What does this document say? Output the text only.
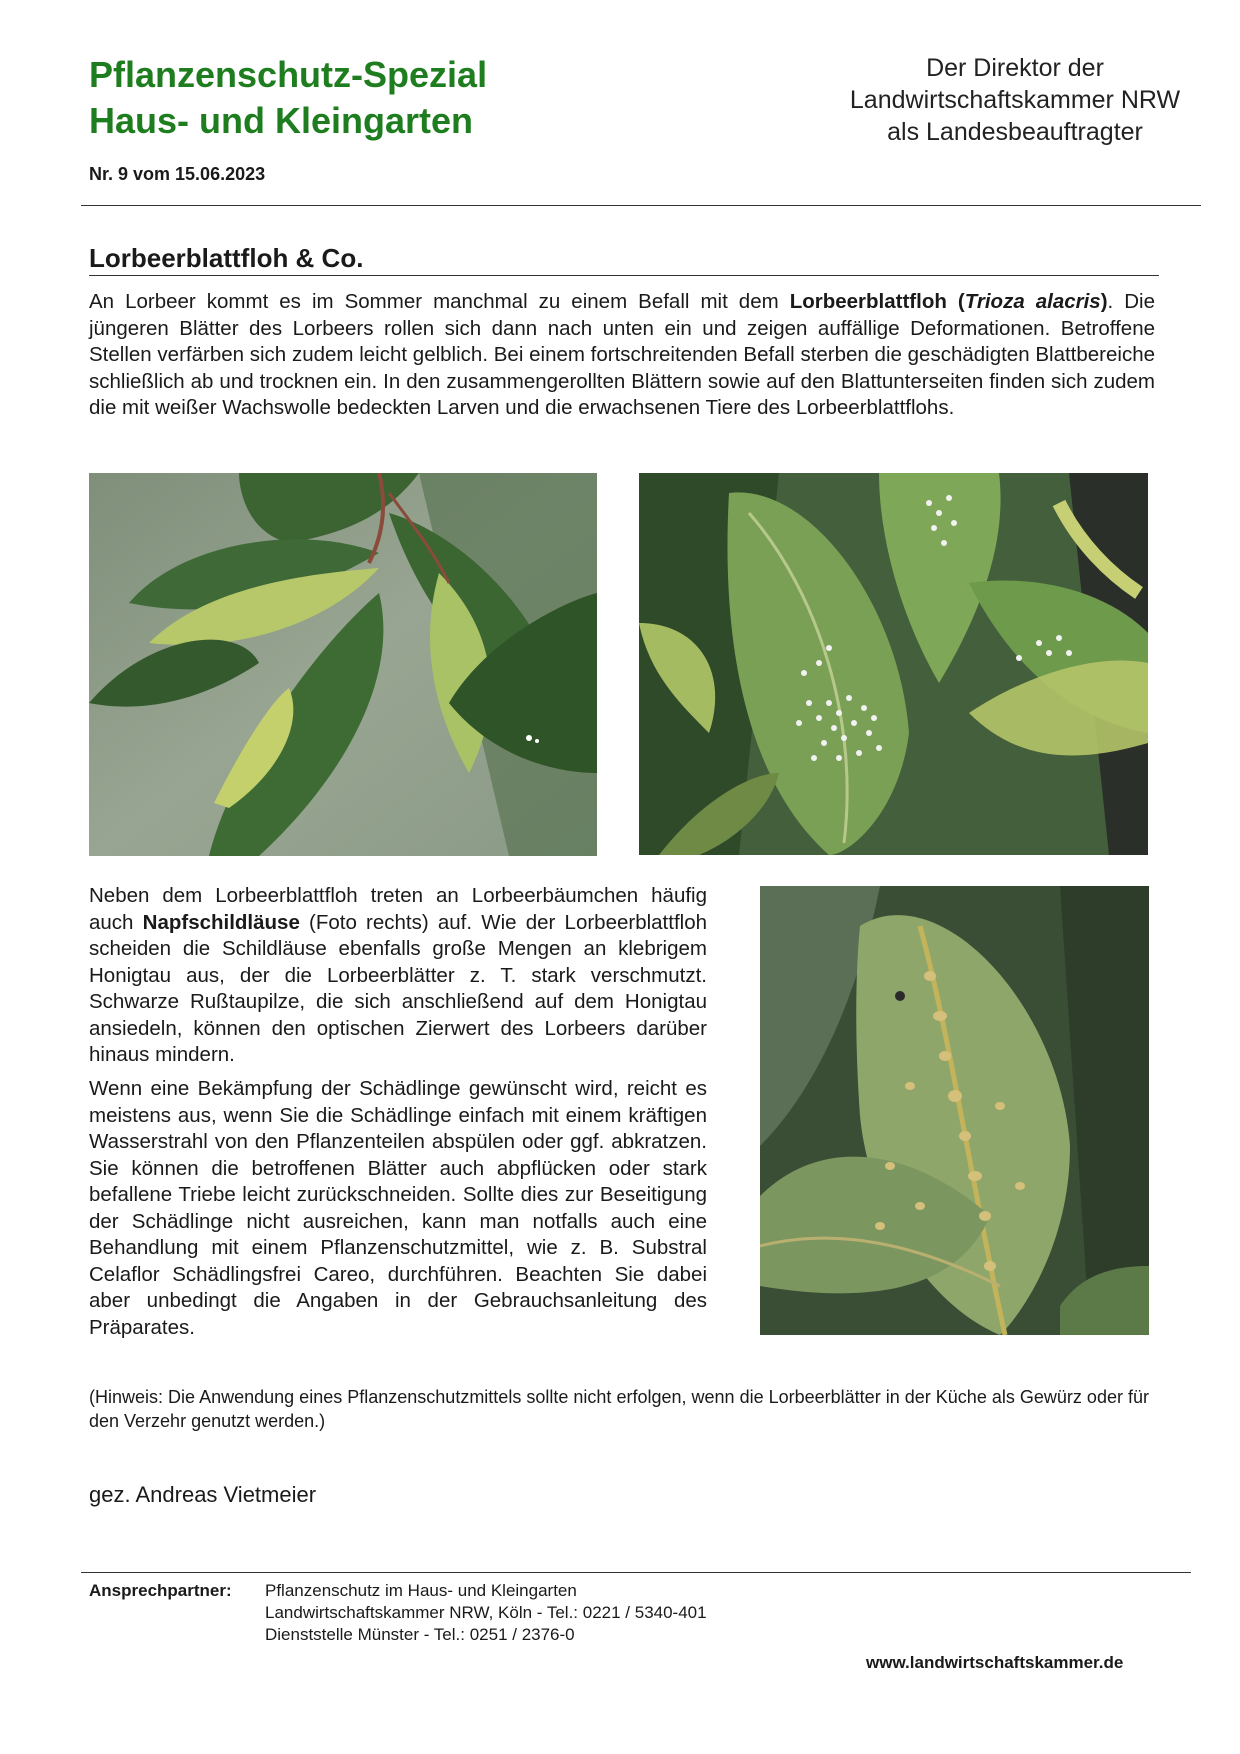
Pflanzenschutz-Spezial
Haus- und Kleingarten
Nr. 9 vom 15.06.2023
Der Direktor der
Landwirtschaftskammer NRW
als Landesbeauftragter
Lorbeerblattfloh & Co.

An Lorbeer kommt es im Sommer manchmal zu einem Befall mit dem Lorbeerblattfloh (Trioza alacris). Die jüngeren Blätter des Lorbeers rollen sich dann nach unten ein und zeigen auffällige Deformationen. Betroffene Stellen verfärben sich zudem leicht gelblich. Bei einem fortschreitenden Befall sterben die geschädigten Blattbereiche schließlich ab und trocknen ein. In den zusammengerollten Blättern sowie auf den Blattunterseiten finden sich zudem die mit weißer Wachswolle bedeckten Larven und die erwachsenen Tiere des Lorbeerblattflohs.

Neben dem Lorbeerblattfloh treten an Lorbeerbäumchen häufig auch Napfschildläuse (Foto rechts) auf. Wie der Lorbeerblattfloh scheiden die Schildläuse ebenfalls große Mengen an klebrigem Honigtau aus, der die Lorbeerblätter z. T. stark verschmutzt. Schwarze Rußtaupilze, die sich anschließend auf dem Honigtau ansiedeln, können den optischen Zierwert des Lorbeers darüber hinaus mindern.

Wenn eine Bekämpfung der Schädlinge gewünscht wird, reicht es meistens aus, wenn Sie die Schädlinge einfach mit einem kräftigen Wasserstrahl von den Pflanzenteilen abspülen oder ggf. abkratzen. Sie können die betroffenen Blätter auch abpflücken oder stark befallene Triebe leicht zurückschneiden. Sollte dies zur Beseitigung der Schädlinge nicht ausreichen, kann man notfalls auch eine Behandlung mit einem Pflanzenschutzmittel, wie z. B. Substral Celaflor Schädlingsfrei Careo, durchführen. Beachten Sie dabei aber unbedingt die Angaben in der Gebrauchsanleitung des Präparates.

(Hinweis: Die Anwendung eines Pflanzenschutzmittels sollte nicht erfolgen, wenn die Lorbeerblätter in der Küche als Gewürz oder für den Verzehr genutzt werden.)
gez. Andreas Vietmeier
Ansprechpartner: Pflanzenschutz im Haus- und Kleingarten
Landwirtschaftskammer NRW, Köln - Tel.: 0221 / 5340-401
Dienststelle Münster - Tel.: 0251 / 2376-0
www.landwirtschaftskammer.de
